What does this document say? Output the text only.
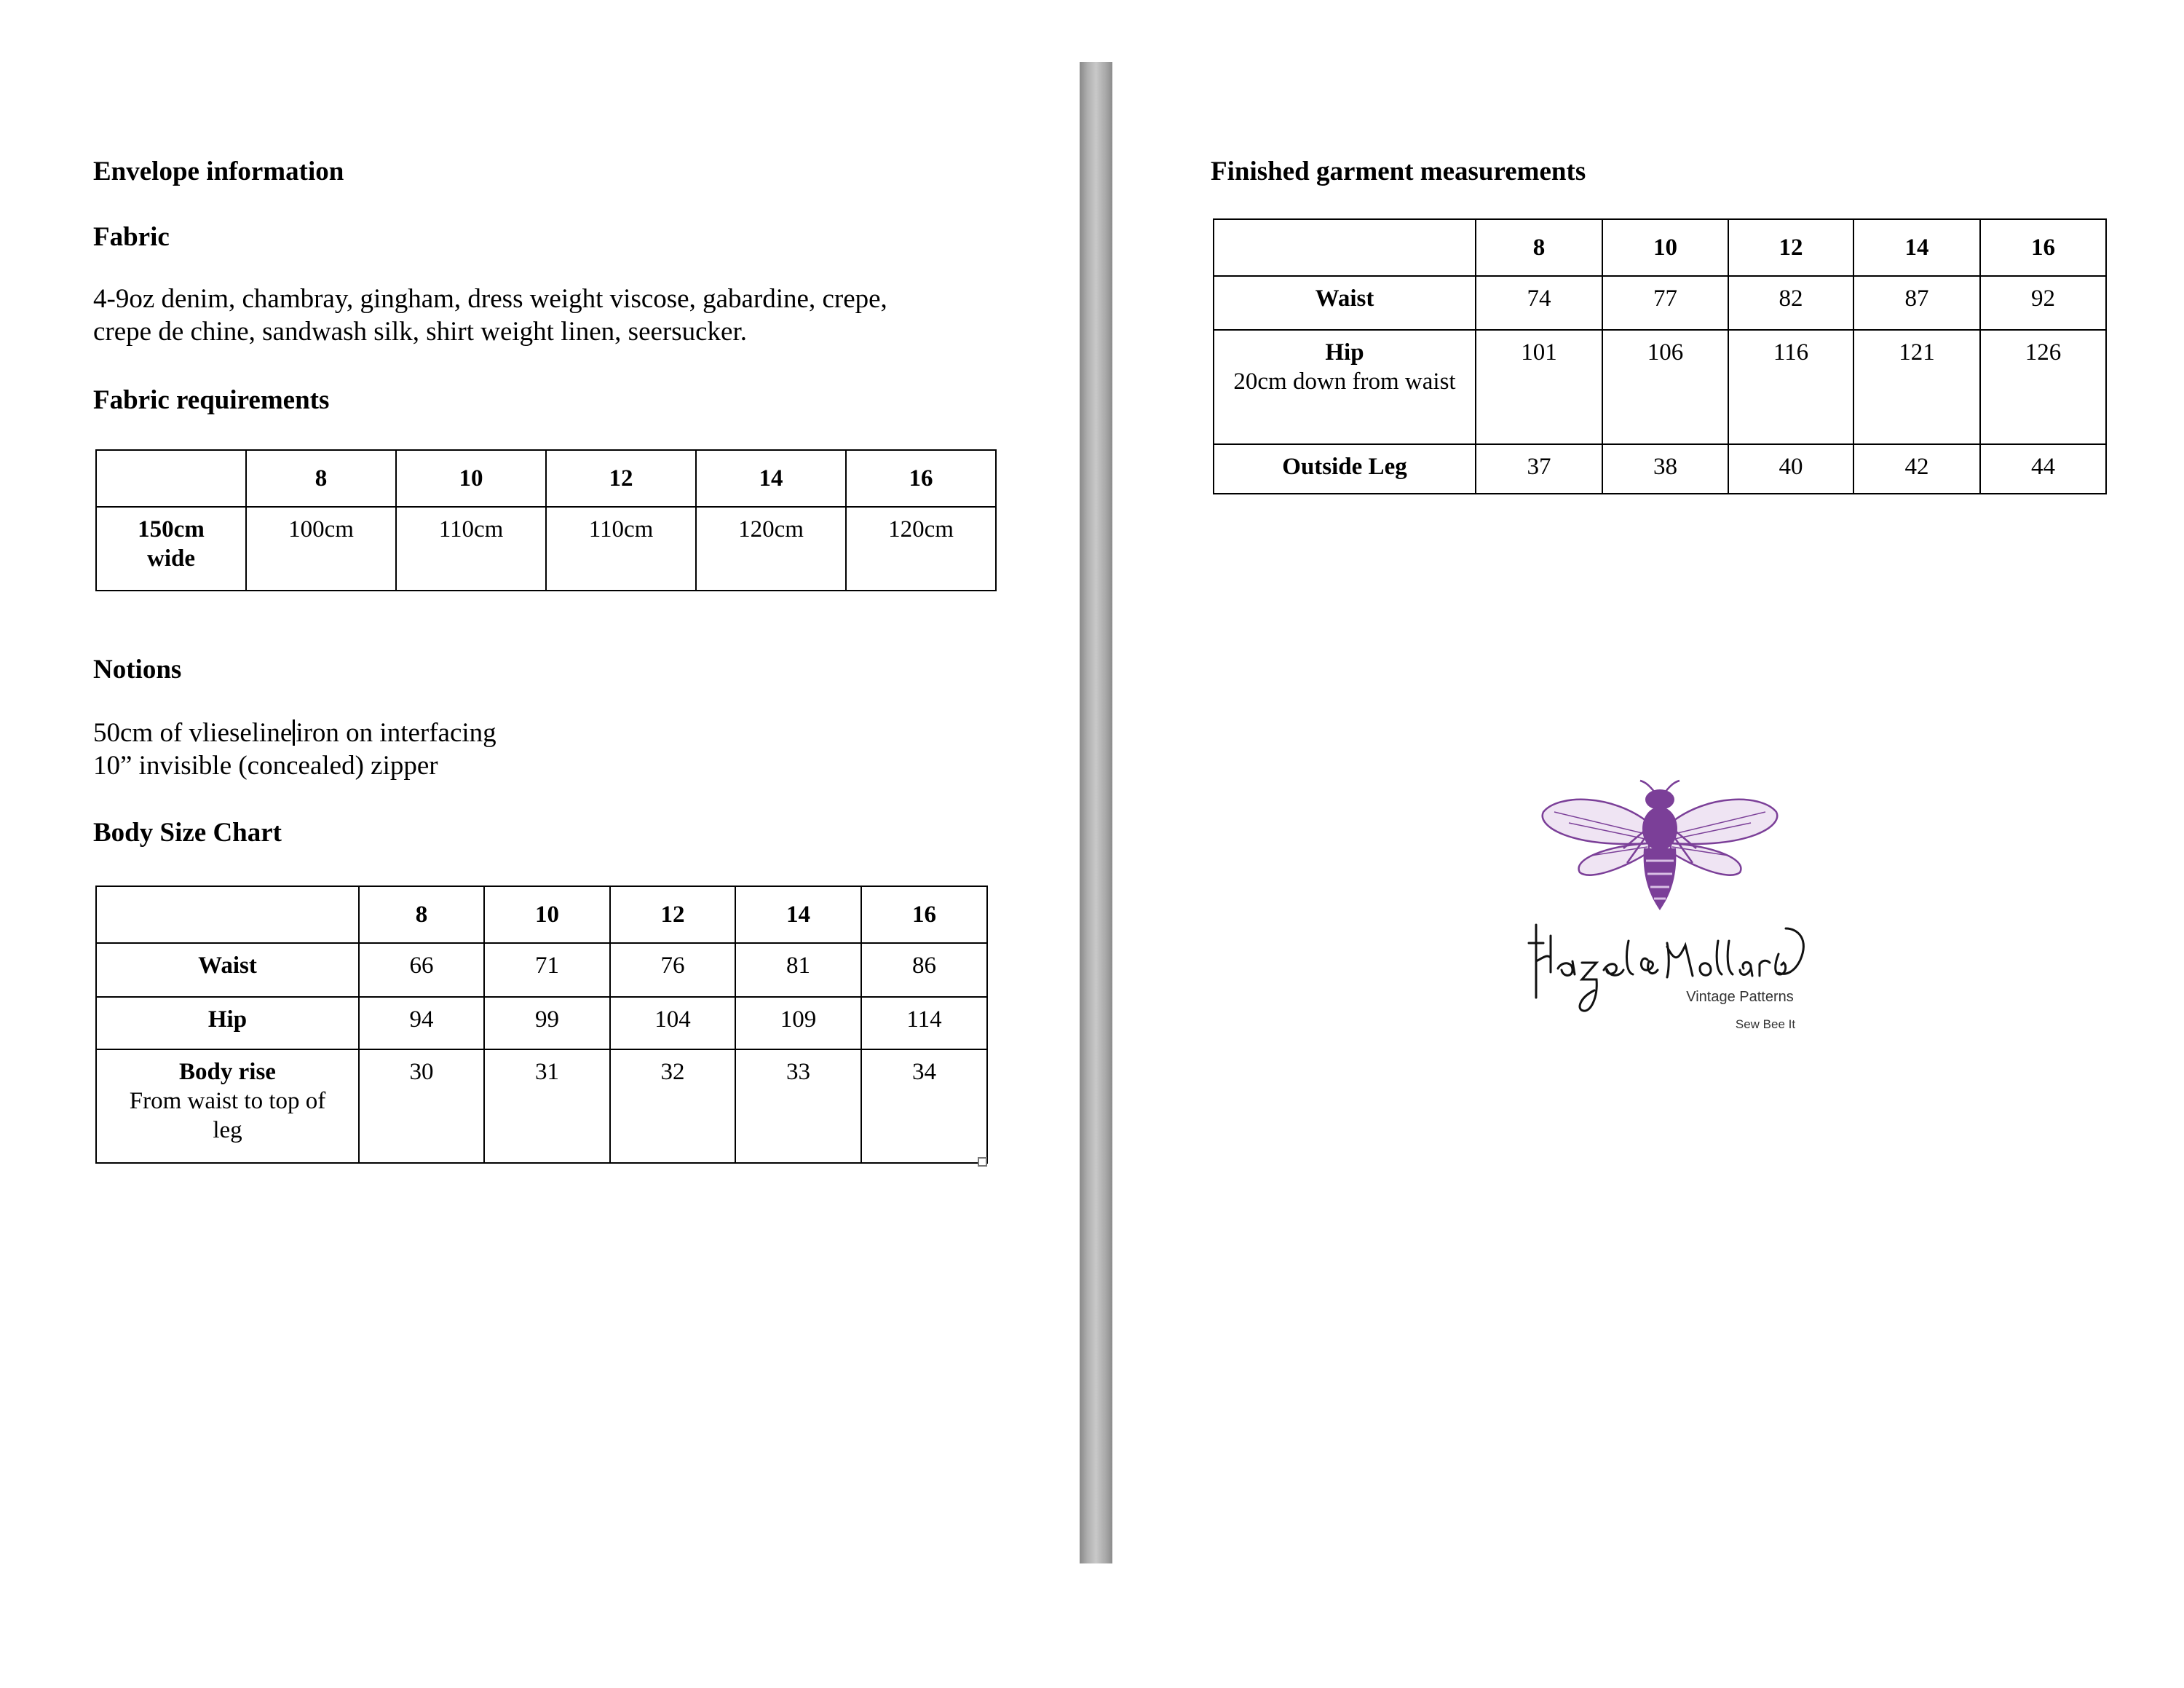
Envelope information
Fabric

4-9oz denim, chambray, gingham, dress weight viscose, gabardine, crepe,

crepe de chine, sandwash silk, shirt weight linen, seersucker.

Fabric requirements
	8	10	12	14	16
150cm
wide	100cm	110cm	110cm	120cm	120cm
Notions

50cm of vlieseline iron on interfacing

10” invisible (concealed) zipper

Body Size Chart
	8	10	12	14	16
Waist	66	71	76	81	86
Hip	94	99	104	109	114
Body rise
From waist to top of
leg	30	31	32	33	34
Finished garment measurements
	8	10	12	14	16
Waist	74	77	82	87	92
Hip
20cm down from waist	101	106	116	121	126
Outside Leg	37	38	40	42	44
Vintage Patterns
Sew Bee It
